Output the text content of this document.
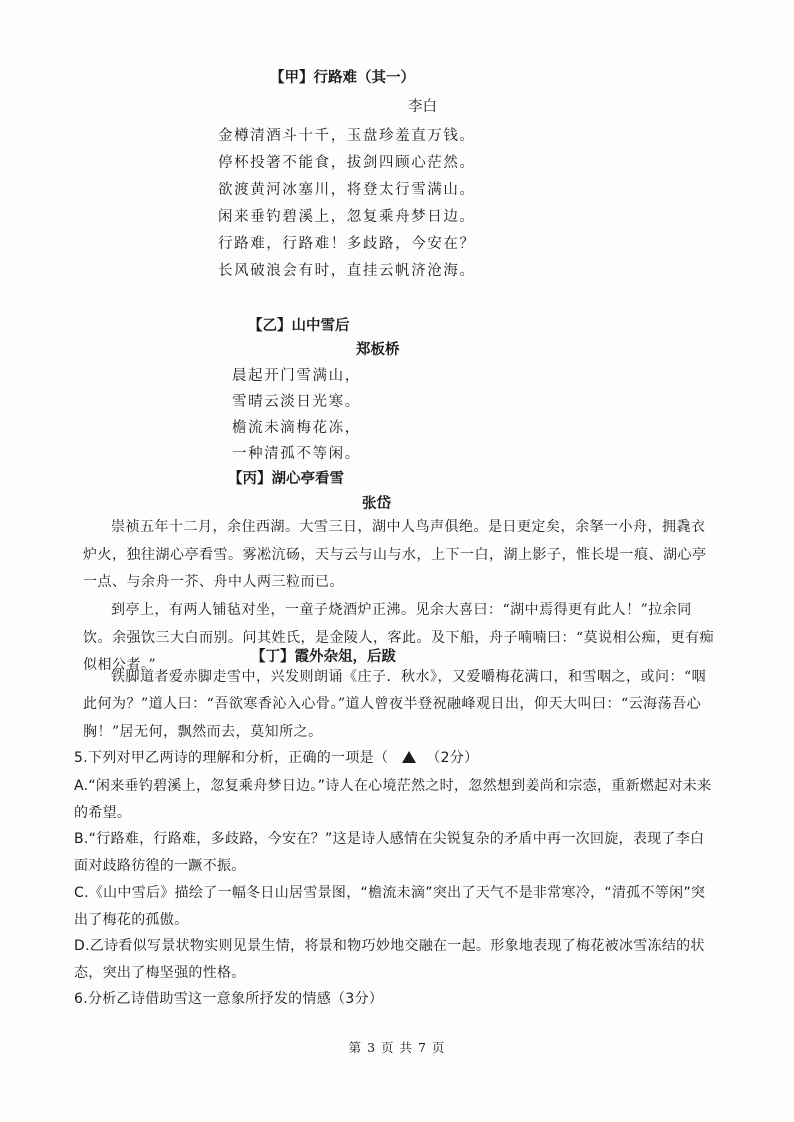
【甲】行路难（其一）
李白
金樽清酒斗十千，玉盘珍羞直万钱。
停杯投箸不能食，拔剑四顾心茫然。
欲渡黄河冰塞川，将登太行雪满山。
闲来垂钓碧溪上，忽复乘舟梦日边。
行路难，行路难！多歧路，今安在？
长风破浪会有时，直挂云帆济沧海。
【乙】山中雪后
郑板桥
晨起开门雪满山，
雪晴云淡日光寒。
檐流未滴梅花冻，
一种清孤不等闲。
【丙】湖心亭看雪
张岱
崇祯五年十二月，余住西湖。大雪三日，湖中人鸟声俱绝。是日更定矣，余拏一小舟，拥毳衣炉火，独往湖心亭看雪。雾凇沆砀，天与云与山与水，上下一白，湖上影子，惟长堤一痕、湖心亭一点、与余舟一芥、舟中人两三粒而已。
到亭上，有两人铺毡对坐，一童子烧酒炉正沸。见余大喜曰：“湖中焉得更有此人！”拉余同饮。余强饮三大白而别。问其姓氏，是金陵人，客此。及下船，舟子喃喃曰：“莫说相公痴，更有痴似相公者。”
【丁】霞外杂俎，后跋
铁脚道者爱赤脚走雪中，兴发则朗诵《庄子．秋水》，又爱嚼梅花满口，和雪咽之，或问：“咽此何为？”道人曰：“吾欲寒香沁入心骨。”道人曾夜半登祝融峰观日出，仰天大叫曰：“云海荡吾心胸！”居无何，飘然而去，莫知所之。
5.下列对甲乙两诗的理解和分析，正确的一项是（	（2分）
A.“闲来垂钓碧溪上，忽复乘舟梦日边。”诗人在心境茫然之时，忽然想到姜尚和宗悫，重新燃起对未来的希望。
B.“行路难，行路难，多歧路，今安在？”这是诗人感情在尖锐复杂的矛盾中再一次回旋，表现了李白面对歧路彷徨的一蹶不振。
C.《山中雪后》描绘了一幅冬日山居雪景图，“檐流未滴”突出了天气不是非常寒冷，“清孤不等闲”突出了梅花的孤傲。
D.乙诗看似写景状物实则见景生情，将景和物巧妙地交融在一起。形象地表现了梅花被冰雪冻结的状态，突出了梅坚强的性格。
6.分析乙诗借助雪这一意象所抒发的情感（3分）
第 3 页 共 7 页
